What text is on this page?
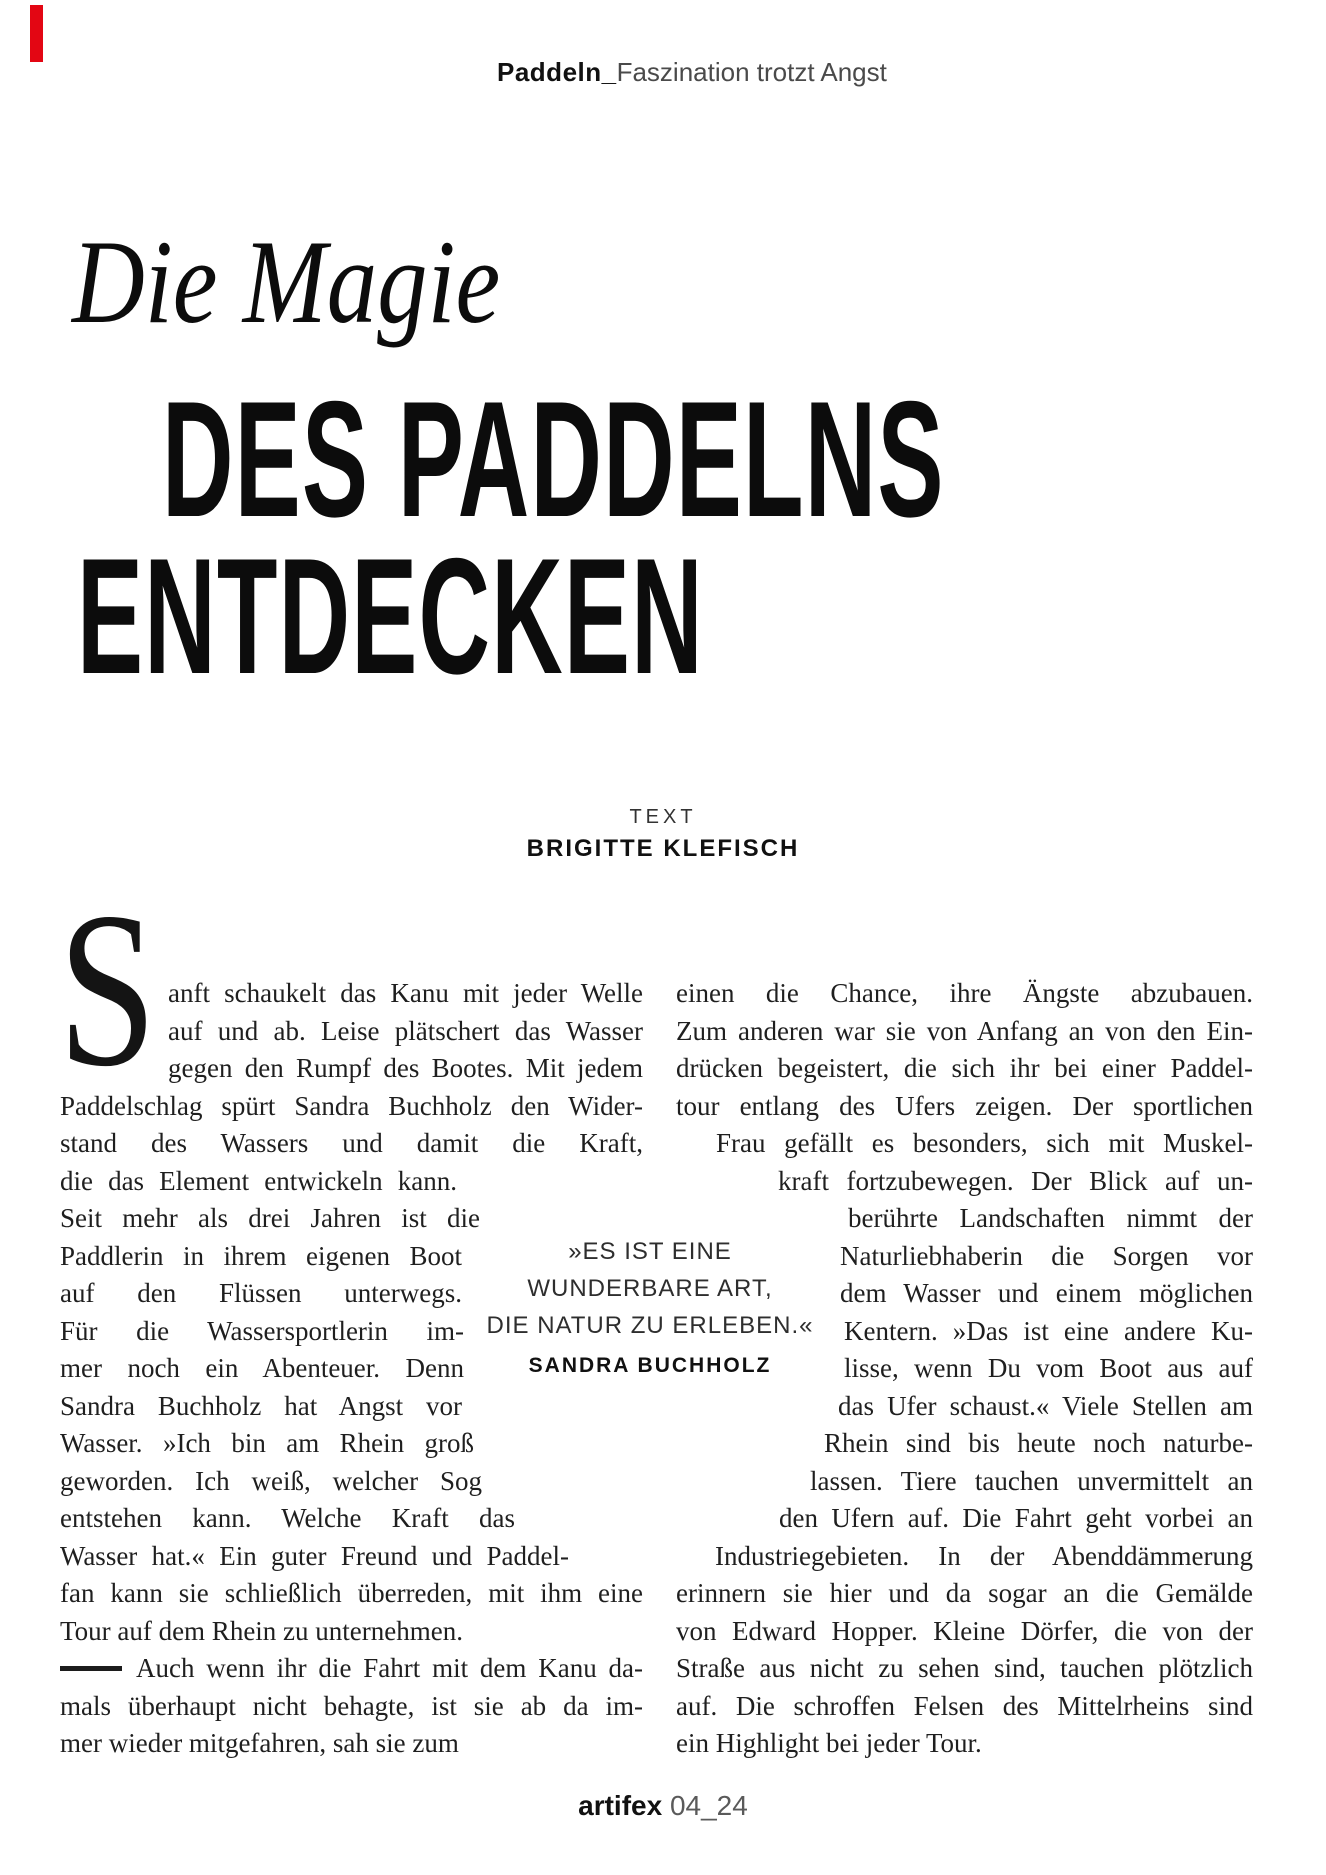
Paddeln_Faszination trotzt Angst
Die Magie
DES PADDELNS
ENTDECKEN
TEXT
BRIGITTE KLEFISCH
S anft schaukelt das Kanu mit jeder Welle
auf und ab. Leise plätschert das Wasser
gegen den Rumpf des Bootes. Mit jedem
Paddelschlag spürt Sandra Buchholz den Wider-
stand des Wassers und damit die Kraft,
die das Element entwickeln kann.
Seit mehr als drei Jahren ist die
Paddlerin in ihrem eigenen Boot
auf den Flüssen unterwegs.
Für die Wassersportlerin im-
mer noch ein Abenteuer. Denn
Sandra Buchholz hat Angst vor
Wasser. »Ich bin am Rhein groß
geworden. Ich weiß, welcher Sog
entstehen kann. Welche Kraft das
Wasser hat.« Ein guter Freund und Paddel-
fan kann sie schließlich überreden, mit ihm eine
Tour auf dem Rhein zu unternehmen.
Auch wenn ihr die Fahrt mit dem Kanu da-
mals überhaupt nicht behagte, ist sie ab da im-
mer wieder mitgefahren, sah sie zum
einen die Chance, ihre Ängste abzubauen.
Zum anderen war sie von Anfang an von den Ein-
drücken begeistert, die sich ihr bei einer Paddel-
tour entlang des Ufers zeigen. Der sportlichen
Frau gefällt es besonders, sich mit Muskel-
kraft fortzubewegen. Der Blick auf un-
berührte Landschaften nimmt der
Naturliebhaberin die Sorgen vor
dem Wasser und einem möglichen
Kentern. »Das ist eine andere Ku-
lisse, wenn Du vom Boot aus auf
das Ufer schaust.« Viele Stellen am
Rhein sind bis heute noch naturbe-
lassen. Tiere tauchen unvermittelt an
den Ufern auf. Die Fahrt geht vorbei an
Industriegebieten. In der Abenddämmerung
erinnern sie hier und da sogar an die Gemälde
von Edward Hopper. Kleine Dörfer, die von der
Straße aus nicht zu sehen sind, tauchen plötzlich
auf. Die schroffen Felsen des Mittelrheins sind
ein Highlight bei jeder Tour.
»ES IST EINE
WUNDERBARE ART,
DIE NATUR ZU ERLEBEN.«
SANDRA BUCHHOLZ
artifex 04_24
